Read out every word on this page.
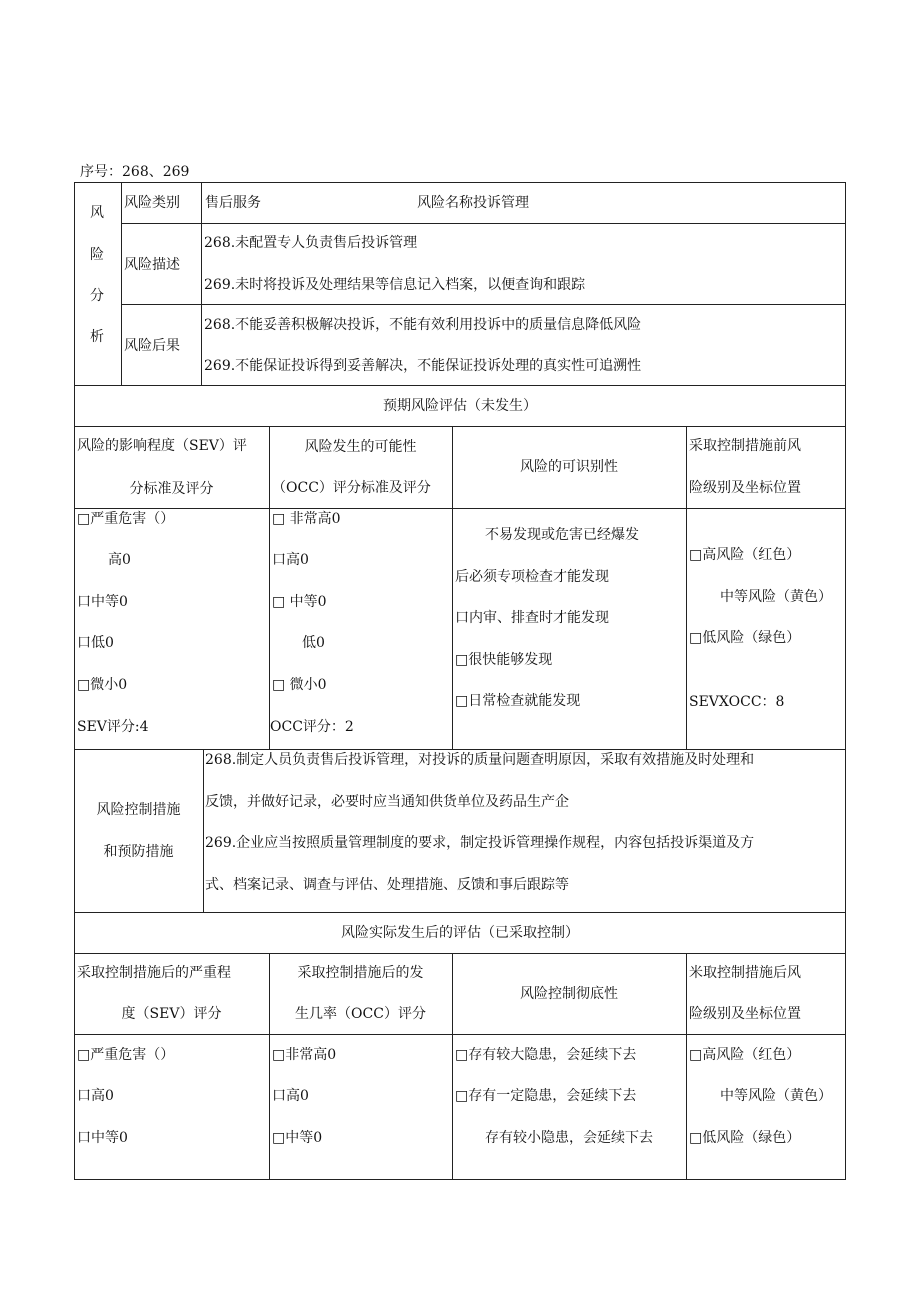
序号：268、269
风
险
分
析
风险类别 售后服务	风险名称投诉管理
风险描述
268.未配置专人负责售后投诉管理
269.未时将投诉及处理结果等信息记入档案，以便查询和跟踪
风险后果
268.不能妥善积极解决投诉，不能有效利用投诉中的质量信息降低风险
269.不能保证投诉得到妥善解决，不能保证投诉处理的真实性可追溯性
预期风险评估（未发生）
风险的影响程度（SEV）评
分标准及评分
风险发生的可能性
（OCC）评分标准及评分
风险的可识别性
采取控制措施前风
险级别及坐标位置
□严重危害（）
高0
口中等0
口低0
□微小0
SEV评分:4
□ 非常高0
口高0
□ 中等0
低0
□ 微小0
OCC评分：2
不易发现或危害已经爆发
后必须专项检查才能发现
口内审、排查时才能发现
□很快能够发现
□日常检查就能发现
□高风险（红色）
中等风险（黄色）
□低风险（绿色）
SEVXOCC：8
风险控制措施
和预防措施
268.制定人员负责售后投诉管理，对投诉的质量问题查明原因，采取有效措施及时处理和
反馈，并做好记录，必要时应当通知供货单位及药品生产企
269.企业应当按照质量管理制度的要求，制定投诉管理操作规程，内容包括投诉渠道及方
式、档案记录、调查与评估、处理措施、反馈和事后跟踪等
风险实际发生后的评估（已采取控制）
采取控制措施后的严重程
度（SEV）评分
采取控制措施后的发
生几率（OCC）评分
风险控制彻底性
米取控制措施后风
险级别及坐标位置
□严重危害（）
口高0
口中等0
□非常高0
口高0
□中等0
□存有较大隐患，会延续下去
□存有一定隐患，会延续下去
存有较小隐患，会延续下去
□高风险（红色）
中等风险（黄色）
□低风险（绿色）
